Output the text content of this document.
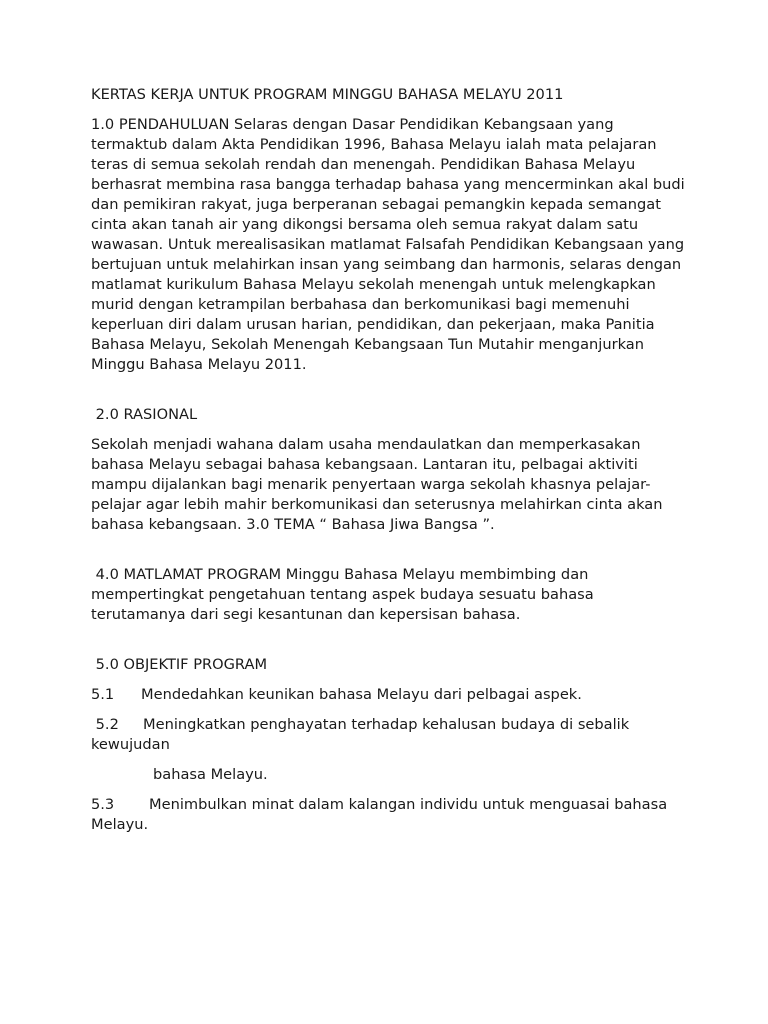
KERTAS KERJA UNTUK PROGRAM MINGGU BAHASA MELAYU 2011

1.0 PENDAHULUAN Selaras dengan Dasar Pendidikan Kebangsaan yang termaktub dalam Akta Pendidikan 1996, Bahasa Melayu ialah mata pelajaran teras di semua sekolah rendah dan menengah. Pendidikan Bahasa Melayu berhasrat membina rasa bangga terhadap bahasa yang mencerminkan akal budi dan pemikiran rakyat, juga berperanan sebagai pemangkin kepada semangat cinta akan tanah air yang dikongsi bersama oleh semua rakyat dalam satu wawasan. Untuk merealisasikan matlamat Falsafah Pendidikan Kebangsaan yang bertujuan untuk melahirkan insan yang seimbang dan harmonis, selaras dengan matlamat kurikulum Bahasa Melayu sekolah menengah untuk melengkapkan murid dengan ketrampilan berbahasa dan berkomunikasi bagi memenuhi keperluan diri dalam urusan harian, pendidikan, dan pekerjaan, maka Panitia Bahasa Melayu, Sekolah Menengah Kebangsaan Tun Mutahir menganjurkan Minggu Bahasa Melayu 2011.

2.0 RASIONAL

Sekolah menjadi wahana dalam usaha mendaulatkan dan memperkasakan bahasa Melayu sebagai bahasa kebangsaan. Lantaran itu, pelbagai aktiviti mampu dijalankan bagi menarik penyertaan warga sekolah khasnya pelajar-pelajar agar lebih mahir berkomunikasi dan seterusnya melahirkan cinta akan bahasa kebangsaan. 3.0 TEMA “ Bahasa Jiwa Bangsa ”.

4.0 MATLAMAT PROGRAM Minggu Bahasa Melayu membimbing dan mempertingkat pengetahuan tentang aspek budaya sesuatu bahasa terutamanya dari segi kesantunan dan kepersisan bahasa.

5.0 OBJEKTIF PROGRAM

5.1 Mendedahkan keunikan bahasa Melayu dari pelbagai aspek.

5.2 Meningkatkan penghayatan terhadap kehalusan budaya di sebalik kewujudan

bahasa Melayu.

5.3 Menimbulkan minat dalam kalangan individu untuk menguasai bahasa Melayu.
